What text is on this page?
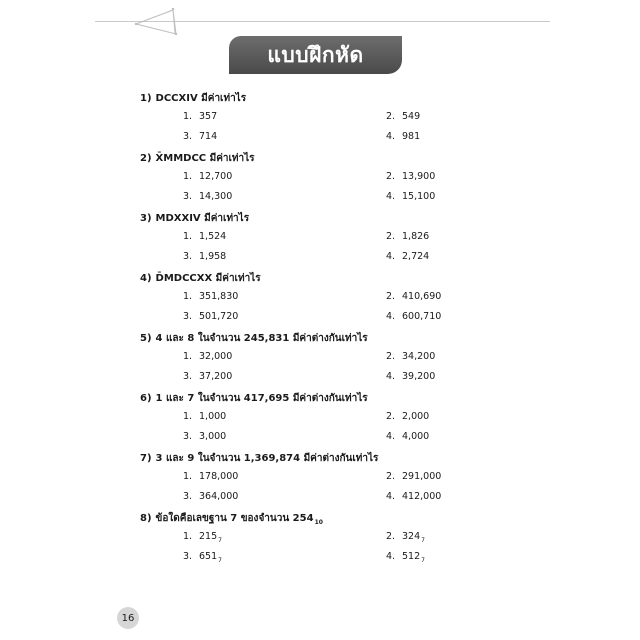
แบบฝึกหัด
1) DCCXIV มีค่าเท่าไร
1. 357	2. 549
3. 714	4. 981
2) X̄MMDCC มีค่าเท่าไร
1. 12,700	2. 13,900
3. 14,300	4. 15,100
3) MDXXIV มีค่าเท่าไร
1. 1,524	2. 1,826
3. 1,958	4. 2,724
4) D̄MDCCXX มีค่าเท่าไร
1. 351,830	2. 410,690
3. 501,720	4. 600,710
5) 4 และ 8 ในจำนวน 245,831 มีค่าต่างกันเท่าไร
1. 32,000	2. 34,200
3. 37,200	4. 39,200
6) 1 และ 7 ในจำนวน 417,695 มีค่าต่างกันเท่าไร
1. 1,000	2. 2,000
3. 3,000	4. 4,000
7) 3 และ 9 ในจำนวน 1,369,874 มีค่าต่างกันเท่าไร
1. 178,000	2. 291,000
3. 364,000	4. 412,000
8) ข้อใดคือเลขฐาน 7 ของจำนวน $254_{10}$
1. $215_7$	2. $324_7$
3. $651_7$	4. $512_7$
16
